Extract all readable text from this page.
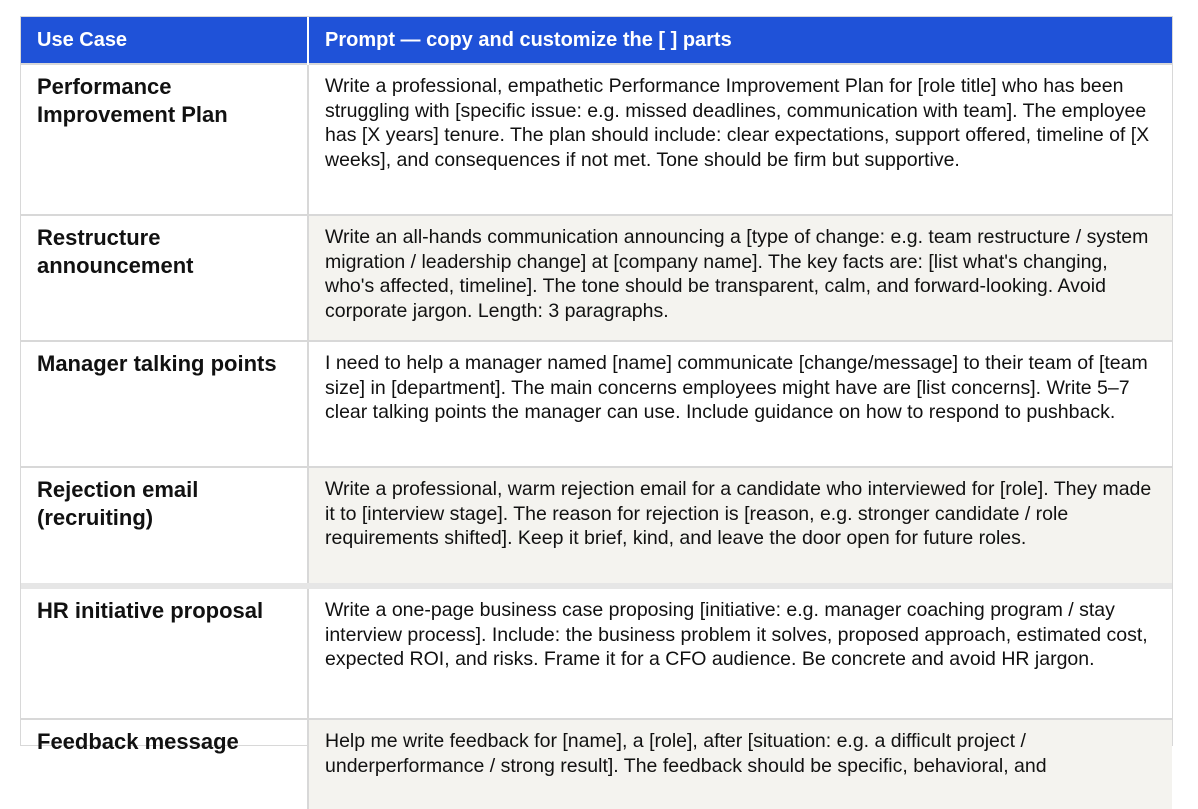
Use Case	Prompt — copy and customize the [ ] parts

Performance Improvement Plan	Write a professional, empathetic Performance Improvement Plan for [role title] who has been struggling with [specific issue: e.g. missed deadlines, communication with team]. The employee has [X years] tenure. The plan should include: clear expectations, support offered, timeline of [X weeks], and consequences if not met. Tone should be firm but supportive.

Restructure announcement	Write an all-hands communication announcing a [type of change: e.g. team restructure / system migration / leadership change] at [company name]. The key facts are: [list what's changing, who's affected, timeline]. The tone should be transparent, calm, and forward-looking. Avoid corporate jargon. Length: 3 paragraphs.

Manager talking points	I need to help a manager named [name] communicate [change/message] to their team of [team size] in [department]. The main concerns employees might have are [list concerns]. Write 5–7 clear talking points the manager can use. Include guidance on how to respond to pushback.

Rejection email (recruiting)	Write a professional, warm rejection email for a candidate who interviewed for [role]. They made it to [interview stage]. The reason for rejection is [reason, e.g. stronger candidate / role requirements shifted]. Keep it brief, kind, and leave the door open for future roles.

HR initiative proposal	Write a one-page business case proposing [initiative: e.g. manager coaching program / stay interview process]. Include: the business problem it solves, proposed approach, estimated cost, expected ROI, and risks. Frame it for a CFO audience. Be concrete and avoid HR jargon.

Feedback message	Help me write feedback for [name], a [role], after [situation: e.g. a difficult project / underperformance / strong result]. The feedback should be specific, behavioral, and
